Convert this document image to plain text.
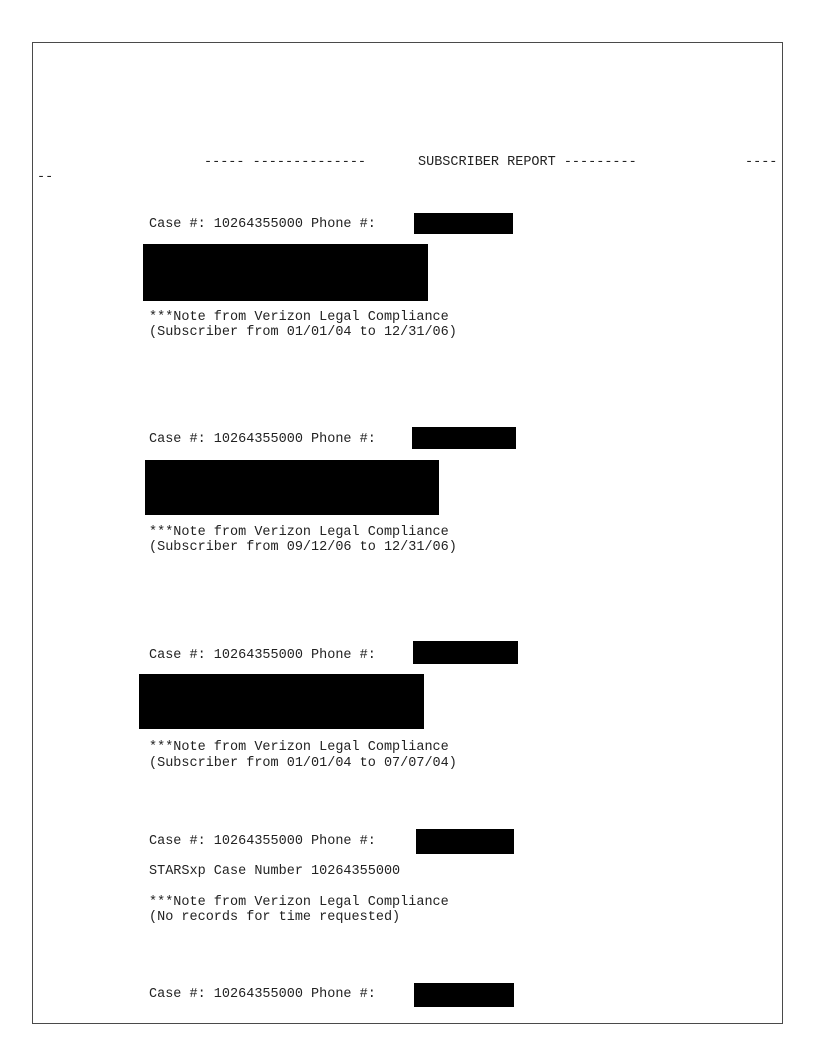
----- --------------	SUBSCRIBER REPORT ---------	----
--
Case #: 10264355000 Phone #:
***Note from Verizon Legal Compliance
(Subscriber from 01/01/04 to 12/31/06)
Case #: 10264355000 Phone #:
***Note from Verizon Legal Compliance
(Subscriber from 09/12/06 to 12/31/06)
Case #: 10264355000 Phone #:
***Note from Verizon Legal Compliance
(Subscriber from 01/01/04 to 07/07/04)
Case #: 10264355000 Phone #:
STARSxp Case Number 10264355000
***Note from Verizon Legal Compliance
(No records for time requested)
Case #: 10264355000 Phone #:
